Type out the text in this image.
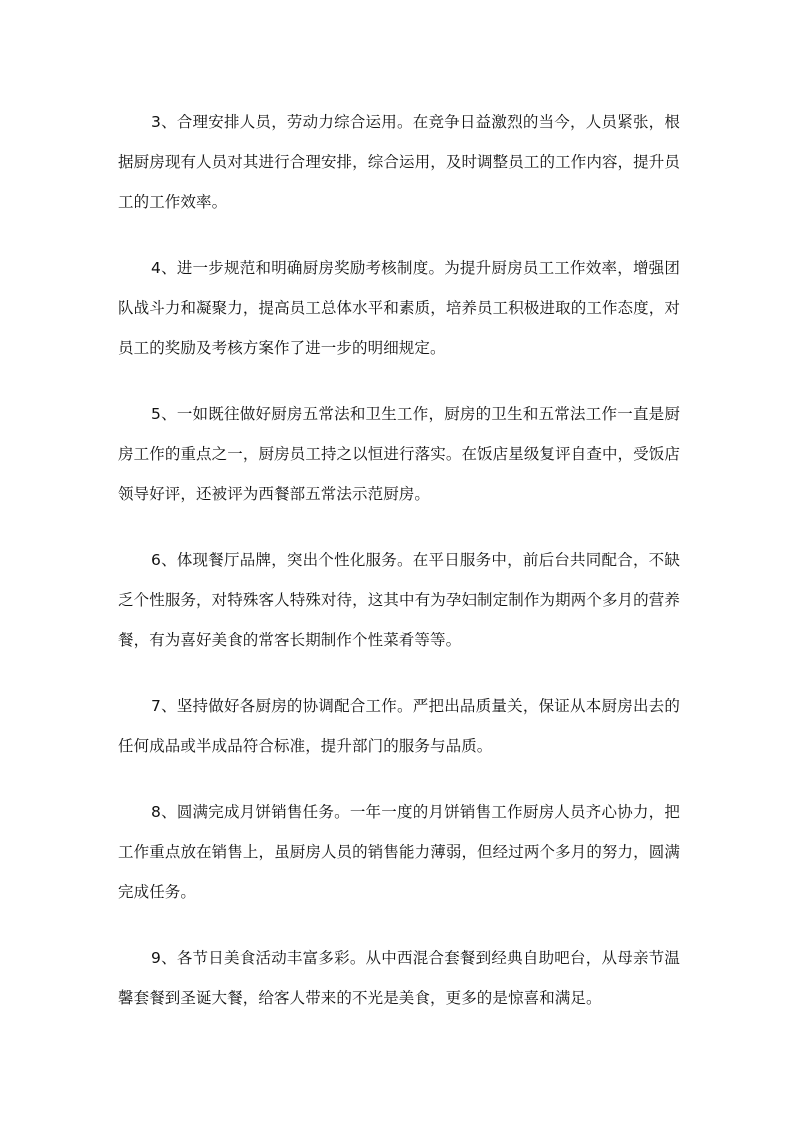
3、合理安排人员，劳动力综合运用。在竞争日益激烈的当今，人员紧张，根据厨房现有人员对其进行合理安排，综合运用，及时调整员工的工作内容，提升员工的工作效率。

4、进一步规范和明确厨房奖励考核制度。为提升厨房员工工作效率，增强团队战斗力和凝聚力，提高员工总体水平和素质，培养员工积极进取的工作态度，对员工的奖励及考核方案作了进一步的明细规定。

5、一如既往做好厨房五常法和卫生工作，厨房的卫生和五常法工作一直是厨房工作的重点之一，厨房员工持之以恒进行落实。在饭店星级复评自查中，受饭店领导好评，还被评为西餐部五常法示范厨房。

6、体现餐厅品牌，突出个性化服务。在平日服务中，前后台共同配合，不缺乏个性服务，对特殊客人特殊对待，这其中有为孕妇制定制作为期两个多月的营养餐，有为喜好美食的常客长期制作个性菜肴等等。

7、坚持做好各厨房的协调配合工作。严把出品质量关，保证从本厨房出去的任何成品或半成品符合标准，提升部门的服务与品质。

8、圆满完成月饼销售任务。一年一度的月饼销售工作厨房人员齐心协力，把工作重点放在销售上，虽厨房人员的销售能力薄弱，但经过两个多月的努力，圆满完成任务。

9、各节日美食活动丰富多彩。从中西混合套餐到经典自助吧台，从母亲节温馨套餐到圣诞大餐，给客人带来的不光是美食，更多的是惊喜和满足。
